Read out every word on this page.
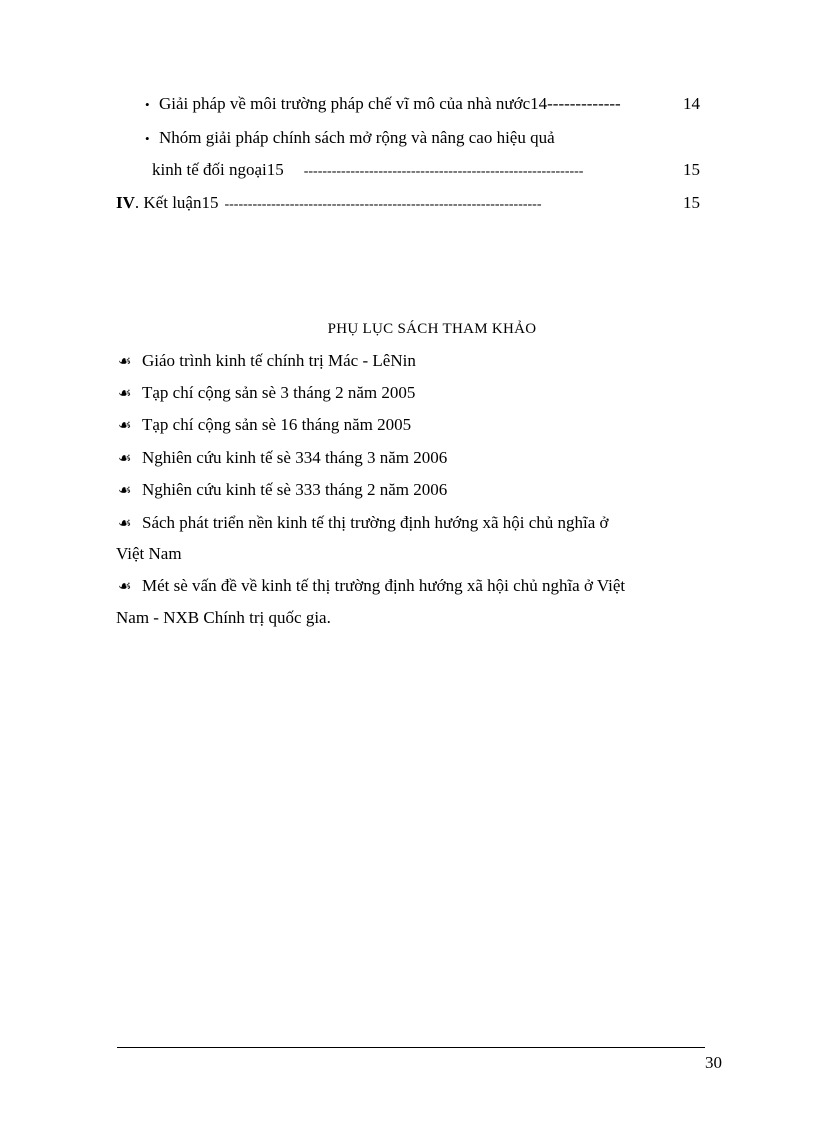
• Giải pháp về môi trường pháp chế vĩ mô của nhà nước14-------------	14
• Nhóm giải pháp chính sách mở rộng và nâng cao hiệu quả
kinh tế đối ngoại15 ------------------------------------------------------------	15
IV. Kết luận15 --------------------------------------------------------------------	15
PHỤ LỤC SÁCH THAM KHẢO
☙ Giáo trình kinh tế chính trị Mác - LêNin
☙ Tạp chí cộng sản sè 3 tháng 2 năm 2005
☙ Tạp chí cộng sản sè 16 tháng năm 2005
☙ Nghiên cứu kinh tế sè 334 tháng 3 năm 2006
☙ Nghiên cứu kinh tế sè 333 tháng 2 năm 2006
☙ Sách phát triển nền kinh tế thị trường định hướng xã hội chủ nghĩa ở
Việt Nam
☙ Mét sè vấn đề về kinh tế thị trường định hướng xã hội chủ nghĩa ở Việt
Nam - NXB Chính trị quốc gia.
30
